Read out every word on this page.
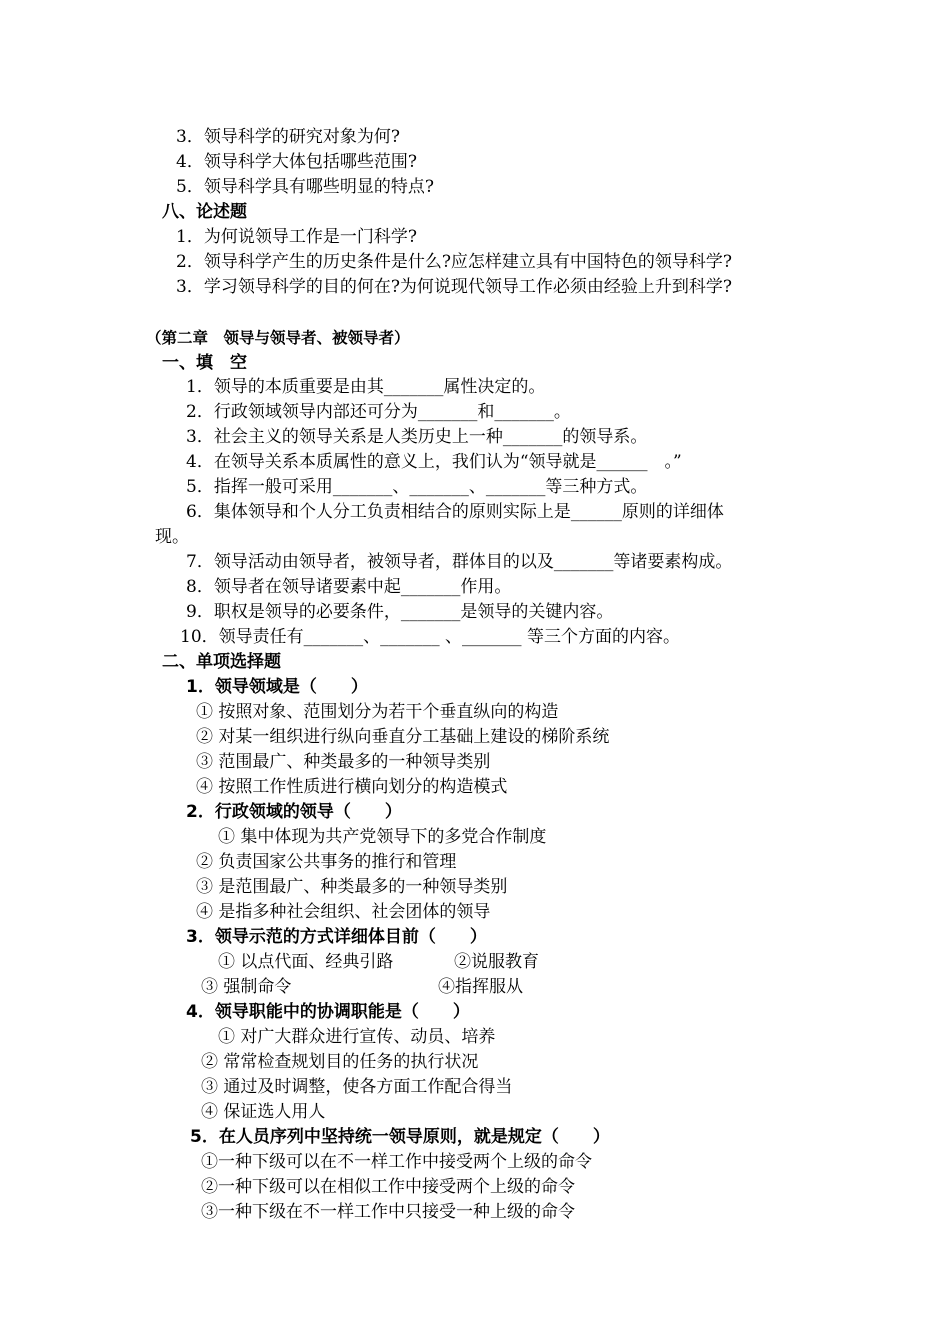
3．领导科学的研究对象为何?
4．领导科学大体包括哪些范围?
5．领导科学具有哪些明显的特点?
八、论述题
1．为何说领导工作是一门科学?
2．领导科学产生的历史条件是什么?应怎样建立具有中国特色的领导科学?
3．学习领导科学的目的何在?为何说现代领导工作必须由经验上升到科学?
（第二章　领导与领导者、被领导者）
一、填　空
1．领导的本质重要是由其_______属性决定的。
2．行政领域领导内部还可分为_______和_______。
3．社会主义的领导关系是人类历史上一种_______的领导系。
4．在领导关系本质属性的意义上，我们认为“领导就是______　。”
5．指挥一般可采用_______、_______、_______等三种方式。
6．集体领导和个人分工负责相结合的原则实际上是______原则的详细体
现。
7．领导活动由领导者，被领导者，群体目的以及_______等诸要素构成。
8．领导者在领导诸要素中起_______作用。
9．职权是领导的必要条件，_______是领导的关键内容。
10．领导责任有_______、_______ 、_______ 等三个方面的内容。
二、单项选择题
1．领导领域是（　　）
① 按照对象、范围划分为若干个垂直纵向的构造
② 对某一组织进行纵向垂直分工基础上建设的梯阶系统
③ 范围最广、种类最多的一种领导类别
④ 按照工作性质进行横向划分的构造模式
2．行政领域的领导（　　）
① 集中体现为共产党领导下的多党合作制度
② 负责国家公共事务的推行和管理
③ 是范围最广、种类最多的一种领导类别
④ 是指多种社会组织、社会团体的领导
3．领导示范的方式详细体目前（　　）
① 以点代面、经典引路	②说服教育
③ 强制命令	④指挥服从
4．领导职能中的协调职能是（　　）
① 对广大群众进行宣传、动员、培养
② 常常检查规划目的任务的执行状况
③ 通过及时调整，使各方面工作配合得当
④ 保证选人用人
5．在人员序列中坚持统一领导原则，就是规定（　　）
①一种下级可以在不一样工作中接受两个上级的命令
②一种下级可以在相似工作中接受两个上级的命令
③一种下级在不一样工作中只接受一种上级的命令
